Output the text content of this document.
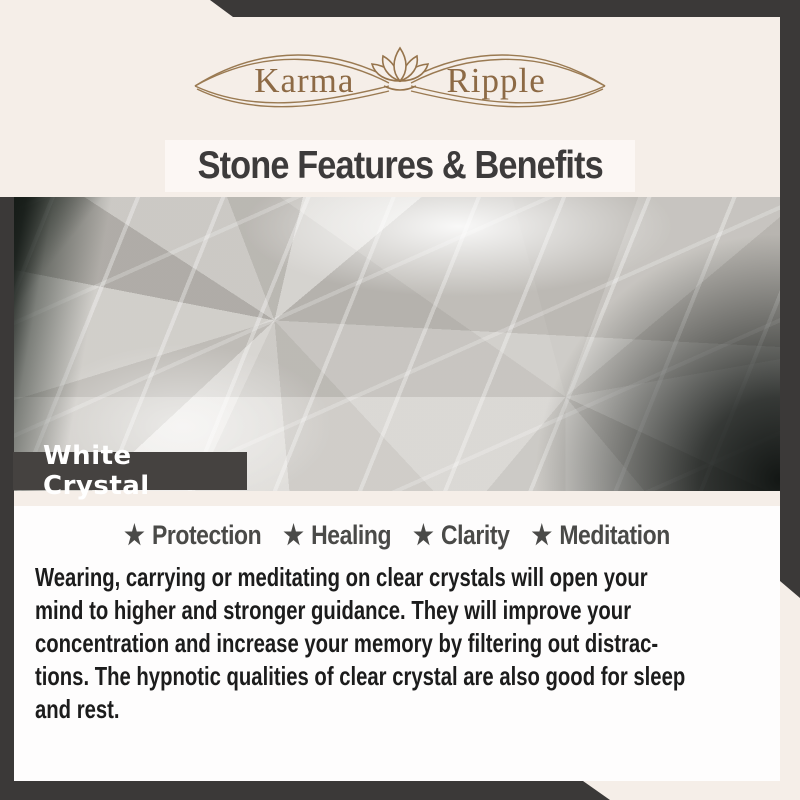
Karma	Ripple
Stone Features & Benefits
White Crystal
★ Protection ★ Healing ★ Clarity ★ Meditation
Wearing, carrying or meditating on clear crystals will open your
mind to higher and stronger guidance. They will improve your
concentration and increase your memory by filtering out distrac-
tions. The hypnotic qualities of clear crystal are also good for sleep
and rest.
